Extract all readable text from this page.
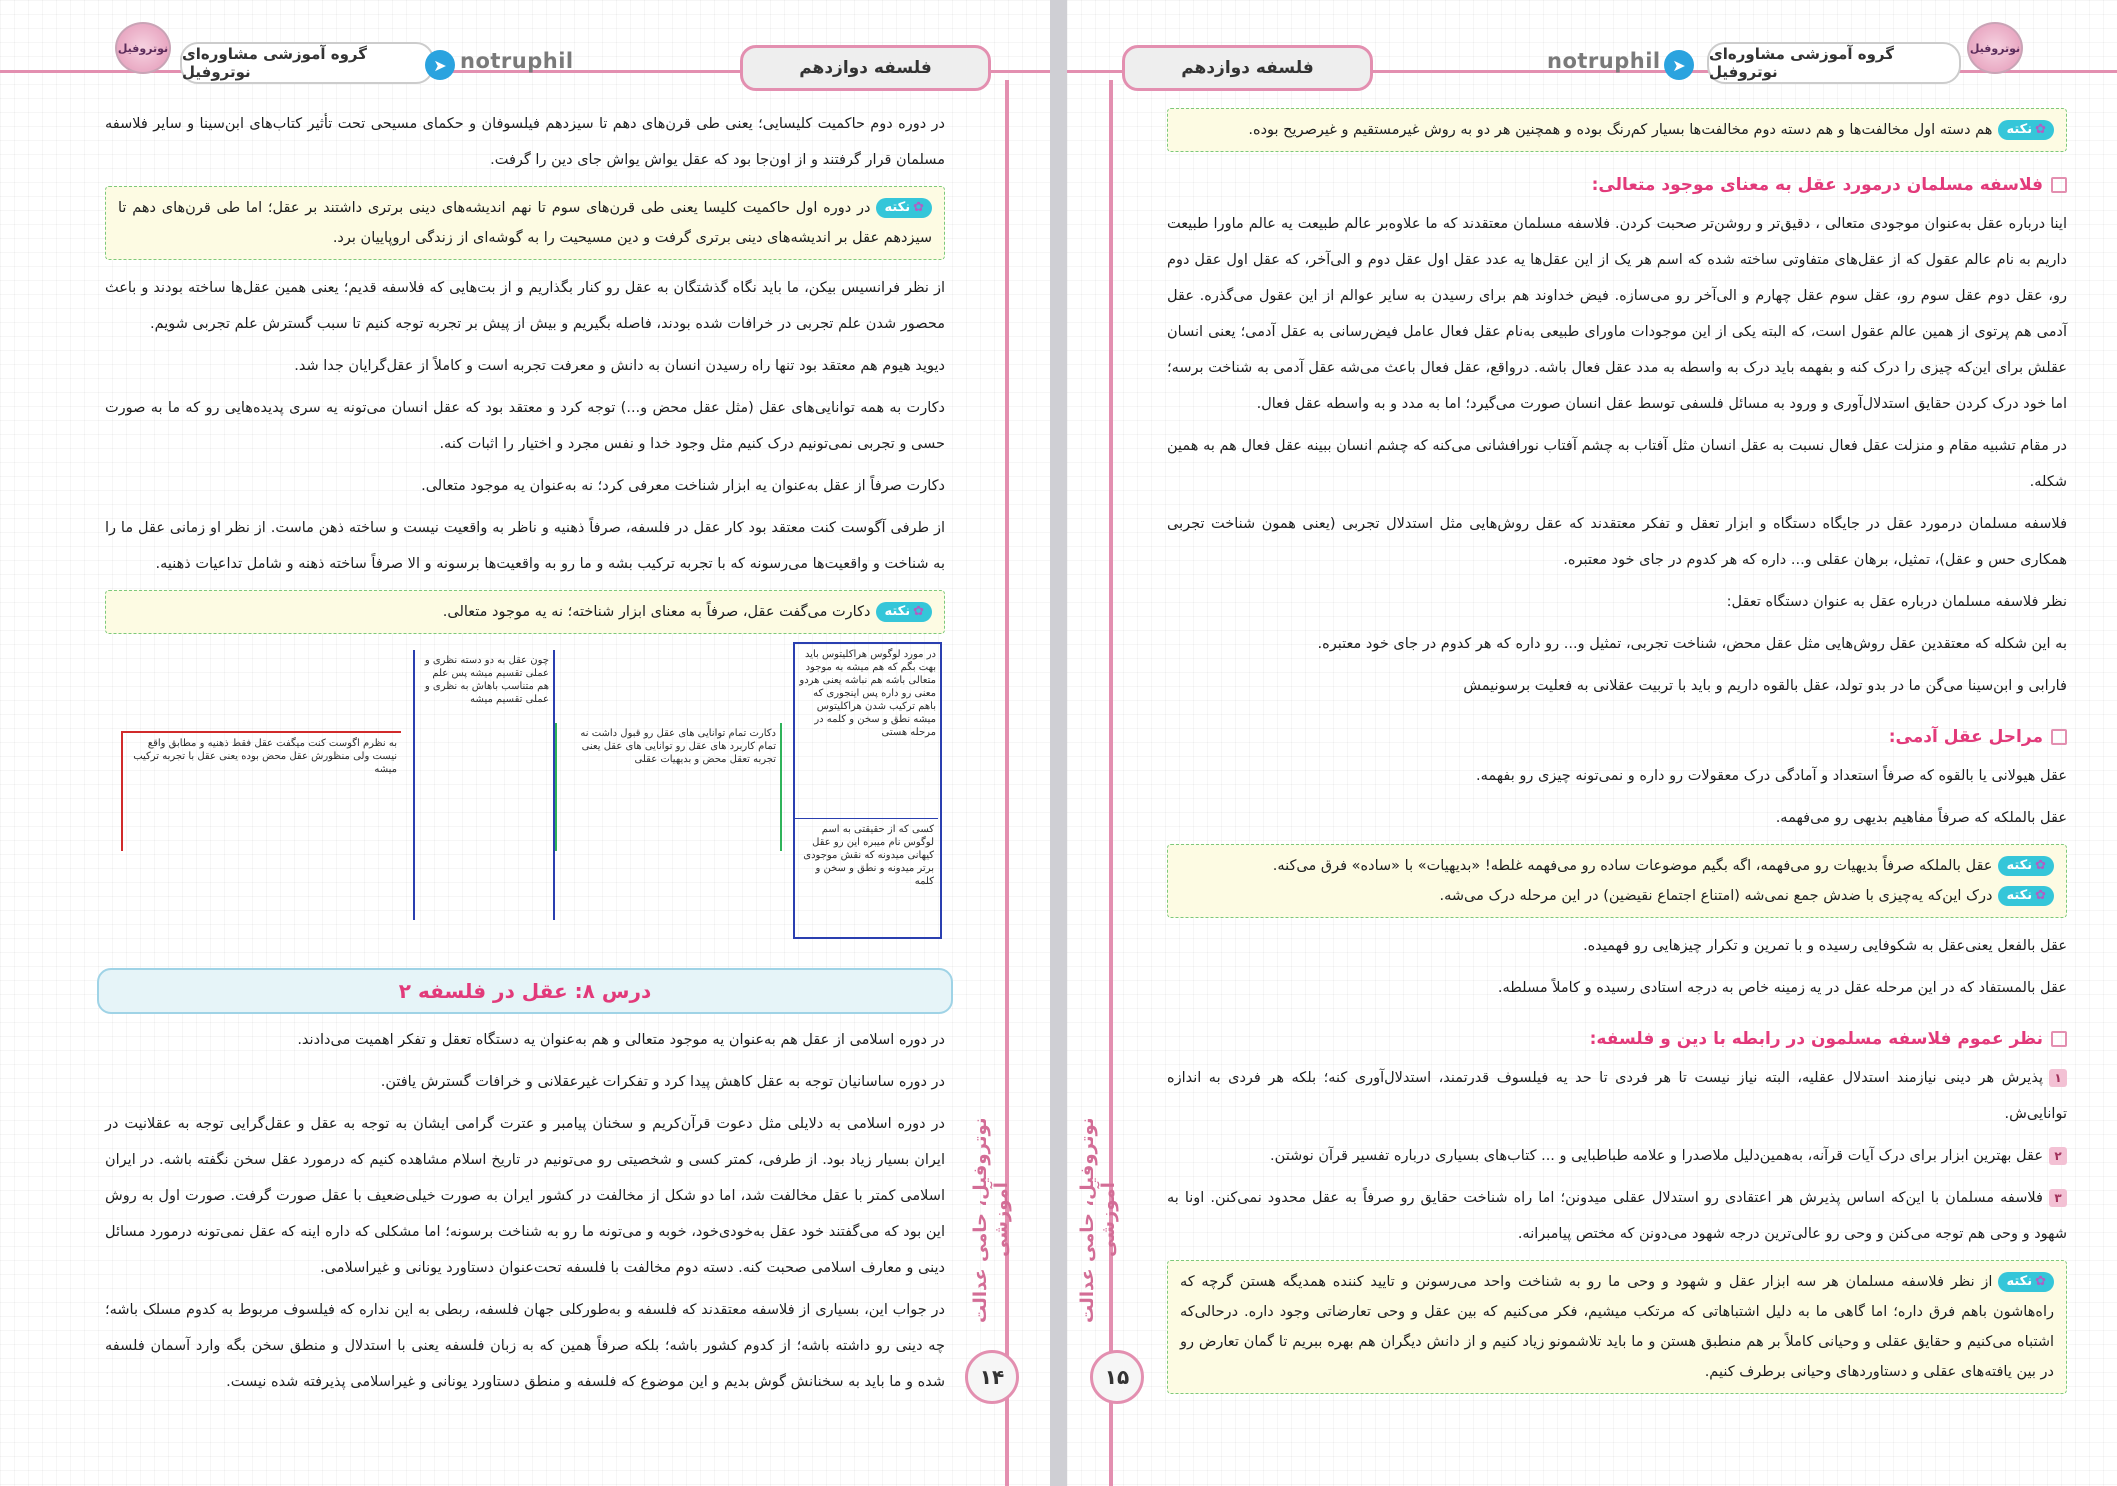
فلسفه دوازدهم
گروه آموزشی مشاوره‌ای نوتروفیل	➤ notruphil
نوتروفیل
نوتروفیل، حامی عدالت آموزشی
۱۴

در دوره دوم حاکمیت کلیسایی؛ یعنی طی قرن‌های دهم تا سیزدهم فیلسوفان و حکمای مسیحی تحت تأثیر کتاب‌های ابن‌سینا و سایر فلاسفه مسلمان قرار گرفتند و از اون‌جا بود که عقل یواش یواش جای دین را گرفت.

✿ نکتهدر دوره اول حاکمیت کلیسا یعنی طی قرن‌های سوم تا نهم اندیشه‌های دینی برتری داشتند بر عقل؛ اما طی قرن‌های دهم تا سیزدهم عقل بر اندیشه‌های دینی برتری گرفت و دین مسیحیت را به گوشه‌ای از زندگی اروپاییان برد.

از نظر فرانسیس بیکن، ما باید نگاه گذشتگان به عقل رو کنار بگذاریم و از بت‌هایی که فلاسفه قدیم؛ یعنی همین عقل‌ها ساخته بودند و باعث محصور شدن علم تجربی در خرافات شده بودند، فاصله بگیریم و بیش از پیش بر تجربه توجه کنیم تا سبب گسترش علم تجربی شویم.

دیوید هیوم هم معتقد بود تنها راه رسیدن انسان به دانش و معرفت تجربه است و کاملاً از عقل‌گرایان جدا شد.

دکارت به همه توانایی‌های عقل (مثل عقل محض و...) توجه کرد و معتقد بود که عقل انسان می‌تونه یه سری پدیده‌هایی رو که ما به صورت حسی و تجربی نمی‌تونیم درک کنیم مثل وجود خدا و نفس مجرد و اختیار را اثبات کنه.

دکارت صرفاً از عقل به‌عنوان یه ابزار شناخت معرفی کرد؛ نه به‌عنوان یه موجود متعالی.

از طرفی آگوست کنت معتقد بود کار عقل در فلسفه، صرفاً ذهنیه و ناظر به واقعیت نیست و ساخته ذهن ماست. از نظر او زمانی عقل ما را به شناخت و واقعیت‌ها می‌رسونه که با تجربه ترکیب بشه و ما رو به واقعیت‌ها برسونه و الا صرفاً ساخته ذهنه و شامل تداعیات ذهنیه.

✿ نکتهدکارت می‌گفت عقل، صرفاً به معنای ابزار شناخته؛ نه یه موجود متعالی.
در مورد لوگوس هراکلیتوس باید بهت بگم که هم میشه به موجود متعالی باشه هم نباشه یعنی هردو معنی رو داره پس اینجوری که باهم ترکیب شدن هراکلیتوس میشه نطق و سخن و کلمه در مرحله هستی
چون عقل به دو دسته نظری و عملی تقسیم میشه پس علم هم متناسب باهاش به نظری و عملی تقسیم میشه
دکارت تمام توانایی های عقل رو قبول داشت نه تمام کاربرد های عقل رو توانایی های عقل یعنی تجربه تعقل محض و بدیهیات عقلی
به نظرم اگوست کنت میگفت عقل فقط ذهنیه و مطابق واقع نیست ولی منظورش عقل محض بوده یعنی عقل با تجربه ترکیب میشه
کسی که از حقیقتی به اسم لوگوس نام میبره این رو عقل کیهانی میدونه که نقش موجودی برتر میدونه و نطق و سخن و کلمه
درس ۸: عقل در فلسفه ۲

در دوره اسلامی از عقل هم به‌عنوان یه موجود متعالی و هم به‌عنوان یه دستگاه تعقل و تفکر اهمیت می‌دادند.

در دوره ساسانیان توجه به عقل کاهش پیدا کرد و تفکرات غیرعقلانی و خرافات گسترش یافتن.

در دوره اسلامی به دلایلی مثل دعوت قرآن‌کریم و سخنان پیامبر و عترت گرامی ایشان به توجه به عقل و عقل‌گرایی توجه به عقلانیت در ایران بسیار زیاد بود. از طرفی، کمتر کسی و شخصیتی رو می‌تونیم در تاریخ اسلام مشاهده کنیم که درمورد عقل سخن نگفته باشه. در ایران اسلامی کمتر با عقل مخالفت شد، اما دو شکل از مخالفت در کشور ایران به صورت خیلی‌ضعیف با عقل صورت گرفت. صورت اول به روش این بود که می‌گفتند خود عقل به‌خودی‌خود، خوبه و می‌تونه ما رو به شناخت برسونه؛ اما مشکلی که داره اینه که عقل نمی‌تونه درمورد مسائل دینی و معارف اسلامی صحبت کنه. دسته دوم مخالفت با فلسفه تحت‌عنوان دستاورد یونانی و غیراسلامی.

در جواب این، بسیاری از فلاسفه معتقدند که فلسفه و به‌طورکلی جهان فلسفه، ربطی به این نداره که فیلسوف مربوط به کدوم مسلک باشه؛ چه دینی رو داشته باشه؛ از کدوم کشور باشه؛ بلکه صرفاً همین که به زبان فلسفه یعنی با استدلال و منطق سخن بگه وارد آسمان فلسفه شده و ما باید به سخنانش گوش بدیم و این موضوع که فلسفه و منطق دستاورد یونانی و غیراسلامی پذیرفته شده نیست.

فلسفه دوازدهم
گروه آموزشی مشاوره‌ای نوتروفیل
➤
notruphil
نوتروفیل
نوتروفیل، حامی عدالت آموزشی
۱۵
✿ نکتههم دسته اول مخالفت‌ها و هم دسته دوم مخالفت‌ها بسیار کم‌رنگ بوده و همچنین هر دو به روش غیرمستقیم و غیرصریح بوده.
فلاسفه مسلمان درمورد عقل به معنای موجود متعالی:

اینا درباره عقل به‌عنوان موجودی متعالی ، دقیق‌تر و روشن‌تر صحبت کردن. فلاسفه مسلمان معتقدند که ما علاوه‌بر عالم طبیعت یه عالم ماورا طبیعت داریم به نام عالم عقول که از عقل‌های متفاوتی ساخته شده که اسم هر یک از این عقل‌ها یه عدد عقل اول عقل دوم و الی‌آخر، که عقل اول عقل دوم رو، عقل دوم عقل سوم رو، عقل سوم عقل چهارم و الی‌آخر رو می‌سازه. فیض خداوند هم برای رسیدن به سایر عوالم از این عقول می‌گذره. عقل آدمی هم پرتوی از همین عالم عقول است، که البته یکی از این موجودات ماورای طبیعی به‌نام عقل فعال عامل فیض‌رسانی به عقل آدمی؛ یعنی انسان عقلش برای این‌که چیزی را درک کنه و بفهمه باید درک به واسطه به مدد عقل فعال باشه. درواقع، عقل فعال باعث می‌شه عقل آدمی به شناخت برسه؛ اما خود درک کردن حقایق استدلال‌آوری و ورود به مسائل فلسفی توسط عقل انسان صورت می‌گیرد؛ اما به مدد و به واسطه عقل فعال.

در مقام تشبیه مقام و منزلت عقل فعال نسبت به عقل انسان مثل آفتاب به چشم آفتاب نورافشانی می‌کنه که چشم انسان ببینه عقل فعال هم به همین شکله.

فلاسفه مسلمان درمورد عقل در جایگاه دستگاه و ابزار تعقل و تفکر معتقدند که عقل روش‌هایی مثل استدلال تجربی (یعنی همون شناخت تجربی همکاری حس و عقل)، تمثیل، برهان عقلی و... داره که هر کدوم در جای خود معتبره.

نظر فلاسفه مسلمان درباره عقل به عنوان دستگاه تعقل:

به این شکله که معتقدین عقل روش‌هایی مثل عقل محض، شناخت تجربی، تمثیل و... رو داره که هر کدوم در جای خود معتبره.

فارابی و ابن‌سینا می‌گن ما در بدو تولد، عقل بالقوه داریم و باید با تربیت عقلانی به فعلیت برسونیمش

مراحل عقل آدمی:

عقل هیولانی یا بالقوه که صرفاً استعداد و آمادگی درک معقولات رو داره و نمی‌تونه چیزی رو بفهمه.

عقل بالملکه که صرفاً مفاهیم بدیهی رو می‌فهمه.

✿ نکتهعقل بالملکه صرفاً بدیهیات رو می‌فهمه، اگه بگیم موضوعات ساده رو می‌فهمه غلطه! «بدیهیات» با «ساده» فرق می‌کنه.
✿ نکتهدرک این‌که یه‌چیزی با ضدش جمع نمی‌شه (امتناع اجتماع نقیضین) در این مرحله درک می‌شه.

عقل بالفعل یعنی‌عقل به شکوفایی رسیده و با تمرین و تکرار چیزهایی رو فهمیده.

عقل بالمستفاد که در این مرحله عقل در یه زمینه خاص به درجه استادی رسیده و کاملاً مسلطه.

نظر عموم فلاسفه مسلمون در رابطه با دین و فلسفه:

۱پذیرش هر دینی نیازمند استدلال عقلیه، البته نیاز نیست تا هر فردی تا حد یه فیلسوف قدرتمند، استدلال‌آوری کنه؛ بلکه هر فردی به اندازه توانایی‌ش.

۲عقل بهترین ابزار برای درک آیات قرآنه، به‌همین‌دلیل ملاصدرا و علامه طباطبایی و ... کتاب‌های بسیاری درباره تفسیر قرآن نوشتن.

۳فلاسفه مسلمان با این‌که اساس پذیرش هر اعتقادی رو استدلال عقلی میدونن؛ اما راه شناخت حقایق رو صرفاً به عقل محدود نمی‌کنن. اونا به شهود و وحی هم توجه می‌کنن و وحی رو عالی‌ترین درجه شهود می‌دونن که مختص پیامبرانه.

✿ نکتهاز نظر فلاسفه مسلمان هر سه ابزار عقل و شهود و وحی ما رو به شناخت واحد می‌رسونن و تایید کننده همدیگه هستن گرچه که راه‌هاشون باهم فرق داره؛ اما گاهی ما به دلیل اشتباهاتی که مرتکب میشیم، فکر می‌کنیم که بین عقل و وحی تعارضاتی وجود داره. درحالی‌که اشتباه می‌کنیم و حقایق عقلی و وحیانی کاملاً بر هم منطبق هستن و ما باید تلاشمونو زیاد کنیم و از دانش دیگران هم بهره ببریم تا گمان تعارض رو در بین یافته‌های عقلی و دستاوردهای وحیانی برطرف کنیم.
